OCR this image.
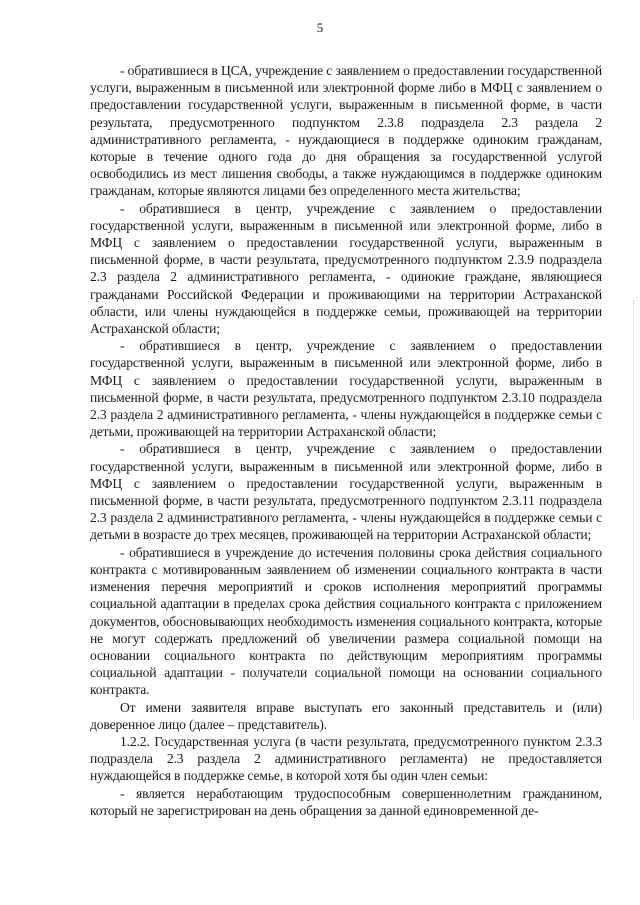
5

- обратившиеся в ЦСА, учреждение с заявлением о предоставлении государственной услуги, выраженным в письменной или электронной форме либо в МФЦ с заявлением о предоставлении государственной услуги, выраженным в письменной форме, в части результата, предусмотренного подпунктом 2.3.8 подраздела 2.3 раздела 2 административного регламента, - нуждающиеся в поддержке одиноким гражданам, которые в течение одного года до дня обращения за государственной услугой освободились из мест лишения свободы, а также нуждающимся в поддержке одиноким гражданам, которые являются лицами без определенного места жительства;

- обратившиеся в центр, учреждение с заявлением о предоставлении государственной услуги, выраженным в письменной или электронной форме, либо в МФЦ с заявлением о предоставлении государственной услуги, выраженным в письменной форме, в части результата, предусмотренного подпунктом 2.3.9 подраздела 2.3 раздела 2 административного регламента, - одинокие граждане, являющиеся гражданами Российской Федерации и проживающими на территории Астраханской области, или члены нуждающейся в поддержке семьи, проживающей на территории Астраханской области;

- обратившиеся в центр, учреждение с заявлением о предоставлении государственной услуги, выраженным в письменной или электронной форме, либо в МФЦ с заявлением о предоставлении государственной услуги, выраженным в письменной форме, в части результата, предусмотренного подпунктом 2.3.10 подраздела 2.3 раздела 2 административного регламента, - члены нуждающейся в поддержке семьи с детьми, проживающей на территории Астраханской области;

- обратившиеся в центр, учреждение с заявлением о предоставлении государственной услуги, выраженным в письменной или электронной форме, либо в МФЦ с заявлением о предоставлении государственной услуги, выраженным в письменной форме, в части результата, предусмотренного подпунктом 2.3.11 подраздела 2.3 раздела 2 административного регламента, - члены нуждающейся в поддержке семьи с детьми в возрасте до трех месяцев, проживающей на территории Астраханской области;

- обратившиеся в учреждение до истечения половины срока действия социального контракта с мотивированным заявлением об изменении социального контракта в части изменения перечня мероприятий и сроков исполнения мероприятий программы социальной адаптации в пределах срока действия социального контракта с приложением документов, обосновывающих необходимость изменения социального контракта, которые не могут содержать предложений об увеличении размера социальной помощи на основании социального контракта по действующим мероприятиям программы социальной адаптации - получатели социальной помощи на основании социального контракта.

От имени заявителя вправе выступать его законный представитель и (или) доверенное лицо (далее – представитель).

1.2.2. Государственная услуга (в части результата, предусмотренного пунктом 2.3.3 подраздела 2.3 раздела 2 административного регламента) не предоставляется нуждающейся в поддержке семье, в которой хотя бы один член семьи:

- является неработающим трудоспособным совершеннолетним гражданином, который не зарегистрирован на день обращения за данной единовременной де-
